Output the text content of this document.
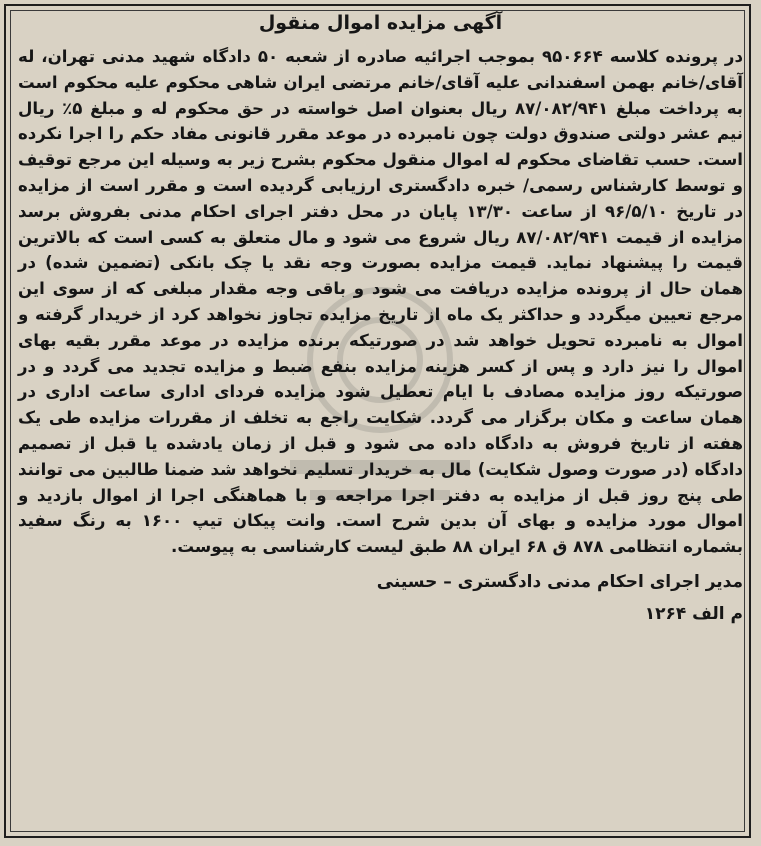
آگهی مزایده اموال منقول

در پرونده کلاسه ۹۵۰۶۶۴ بموجب اجرائیه صادره از شعبه ۵۰ دادگاه شهید مدنی تهران، له آقای/خانم بهمن اسفندانی علیه آقای/خانم مرتضی ایران شاهی محکوم علیه محکوم است به پرداخت مبلغ ۸۷/۰۸۲/۹۴۱ ریال بعنوان اصل خواسته در حق محکوم له و مبلغ ۵٪ ریال نیم عشر دولتی صندوق دولت چون نامبرده در موعد مقرر قانونی مفاد حکم را اجرا نکرده است. حسب تقاضای محکوم له اموال منقول محکوم بشرح زیر به وسیله این مرجع توقیف و توسط کارشناس رسمی/ خبره دادگستری ارزیابی گردیده است و مقرر است از مزایده در تاریخ ۹۶/۵/۱۰ از ساعت ۱۳/۳۰ پایان در محل دفتر اجرای احکام مدنی بفروش برسد مزایده از قیمت ۸۷/۰۸۲/۹۴۱ ریال شروع می شود و مال متعلق به کسی است که بالاترین قیمت را پیشنهاد نماید. قیمت مزایده بصورت وجه نقد یا چک بانکی (تضمین شده) در همان حال از پرونده مزایده دریافت می شود و باقی وجه مقدار مبلغی که از سوی این مرجع تعیین میگردد و حداکثر یک ماه از تاریخ مزایده تجاوز نخواهد کرد از خریدار گرفته و اموال به نامبرده تحویل خواهد شد در صورتیکه برنده مزایده در موعد مقرر بقیه بهای اموال را نیز دارد و پس از کسر هزینه مزایده بنفع ضبط و مزایده تجدید می گردد و در صورتیکه روز مزایده مصادف با ایام تعطیل شود مزایده فردای اداری ساعت اداری در همان ساعت و مکان برگزار می گردد. شکایت راجع به تخلف از مقررات مزایده طی یک هفته از تاریخ فروش به دادگاه داده می شود و قبل از زمان یادشده یا قبل از تصمیم دادگاه (در صورت وصول شکایت) مال به خریدار تسلیم نخواهد شد ضمنا طالبین می توانند طی پنج روز قبل از مزایده به دفتر اجرا مراجعه و با هماهنگی اجرا از اموال بازدید و اموال مورد مزایده و بهای آن بدین شرح است. وانت پیکان تیپ ۱۶۰۰ به رنگ سفید بشماره انتظامی ۸۷۸ ق ۶۸ ایران ۸۸ طبق لیست کارشناسی به پیوست.

مدیر اجرای احکام مدنی دادگستری – حسینی
م الف ۱۲۶۴
